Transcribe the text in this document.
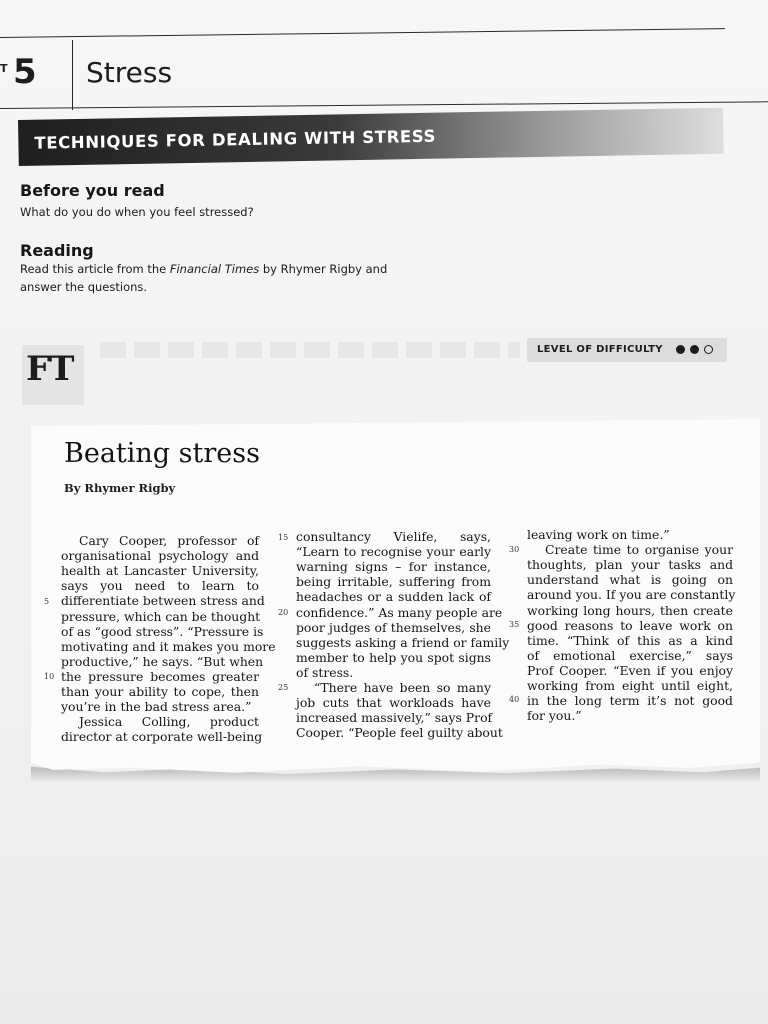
T 5 Stress
TECHNIQUES FOR DEALING WITH STRESS
Before you read
What do you do when you feel stressed?
Reading
Read this article from the Financial Times by Rhymer Rigby and
answer the questions.
LEVEL OF DIFFICULTY
FT
Beating stress
By Rhymer Rigby
Cary Cooper, professor of
organisational psychology and
health at Lancaster University,
says you need to learn to
differentiate between stress and
pressure, which can be thought
of as “good stress”. “Pressure is
motivating and it makes you more
productive,” he says. “But when
the pressure becomes greater
than your ability to cope, then
you’re in the bad stress area.”
Jessica Colling, product
director at corporate well-being
consultancy Vielife, says,
“Learn to recognise your early
warning signs – for instance,
being irritable, suffering from
headaches or a sudden lack of
confidence.” As many people are
poor judges of themselves, she
suggests asking a friend or family
member to help you spot signs
of stress.
“There have been so many
job cuts that workloads have
increased massively,” says Prof
Cooper. “People feel guilty about
leaving work on time.”
Create time to organise your
thoughts, plan your tasks and
understand what is going on
around you. If you are constantly
working long hours, then create
good reasons to leave work on
time. “Think of this as a kind
of emotional exercise,” says
Prof Cooper. “Even if you enjoy
working from eight until eight,
in the long term it’s not good
for you.”
5
10
15
20
25
30
35
40
